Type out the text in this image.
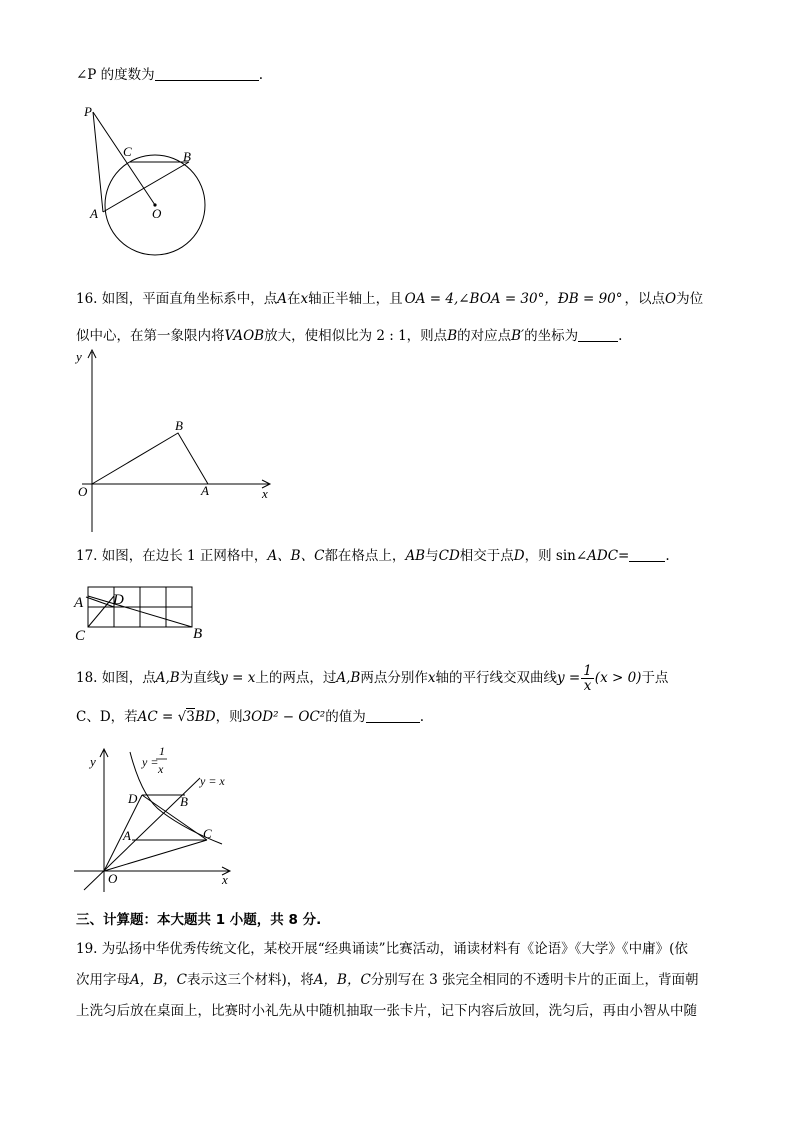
∠P 的度数为	.
P
C	B
A	O
16. 如图，平面直角坐标系中，点A在x轴正半轴上，且 OA = 4,∠BOA = 30°，ÐB = 90° ，以点O为位
似中心，在第一象限内将VAOB放大，使相似比为 2 : 1，则点B的对应点B′的坐标为	.
y
B
O	A	x
17. 如图，在边长 1 正网格中，A、B、C都在格点上，AB与CD相交于点D，则 sin∠ADC=	.
A D
C	B
18. 如图，点A,B为直线y = x上的两点，过A,B两点分别作x轴的平行线交双曲线$y = \frac{1}{x} (x > 0)$于点
C、D，若AC = √3BD，则3OD² − OC²的值为	.
y	y =
1
x
y = x
D	B
A	C
O	x
三、计算题：本大题共 1 小题，共 8 分.
19. 为弘扬中华优秀传统文化，某校开展“经典诵读”比赛活动，诵读材料有《论语》《大学》《中庸》(依
次用字母A，B，C表示这三个材料)，将A，B，C分别写在 3 张完全相同的不透明卡片的正面上，背面朝
上洗匀后放在桌面上，比赛时小礼先从中随机抽取一张卡片，记下内容后放回，洗匀后，再由小智从中随
